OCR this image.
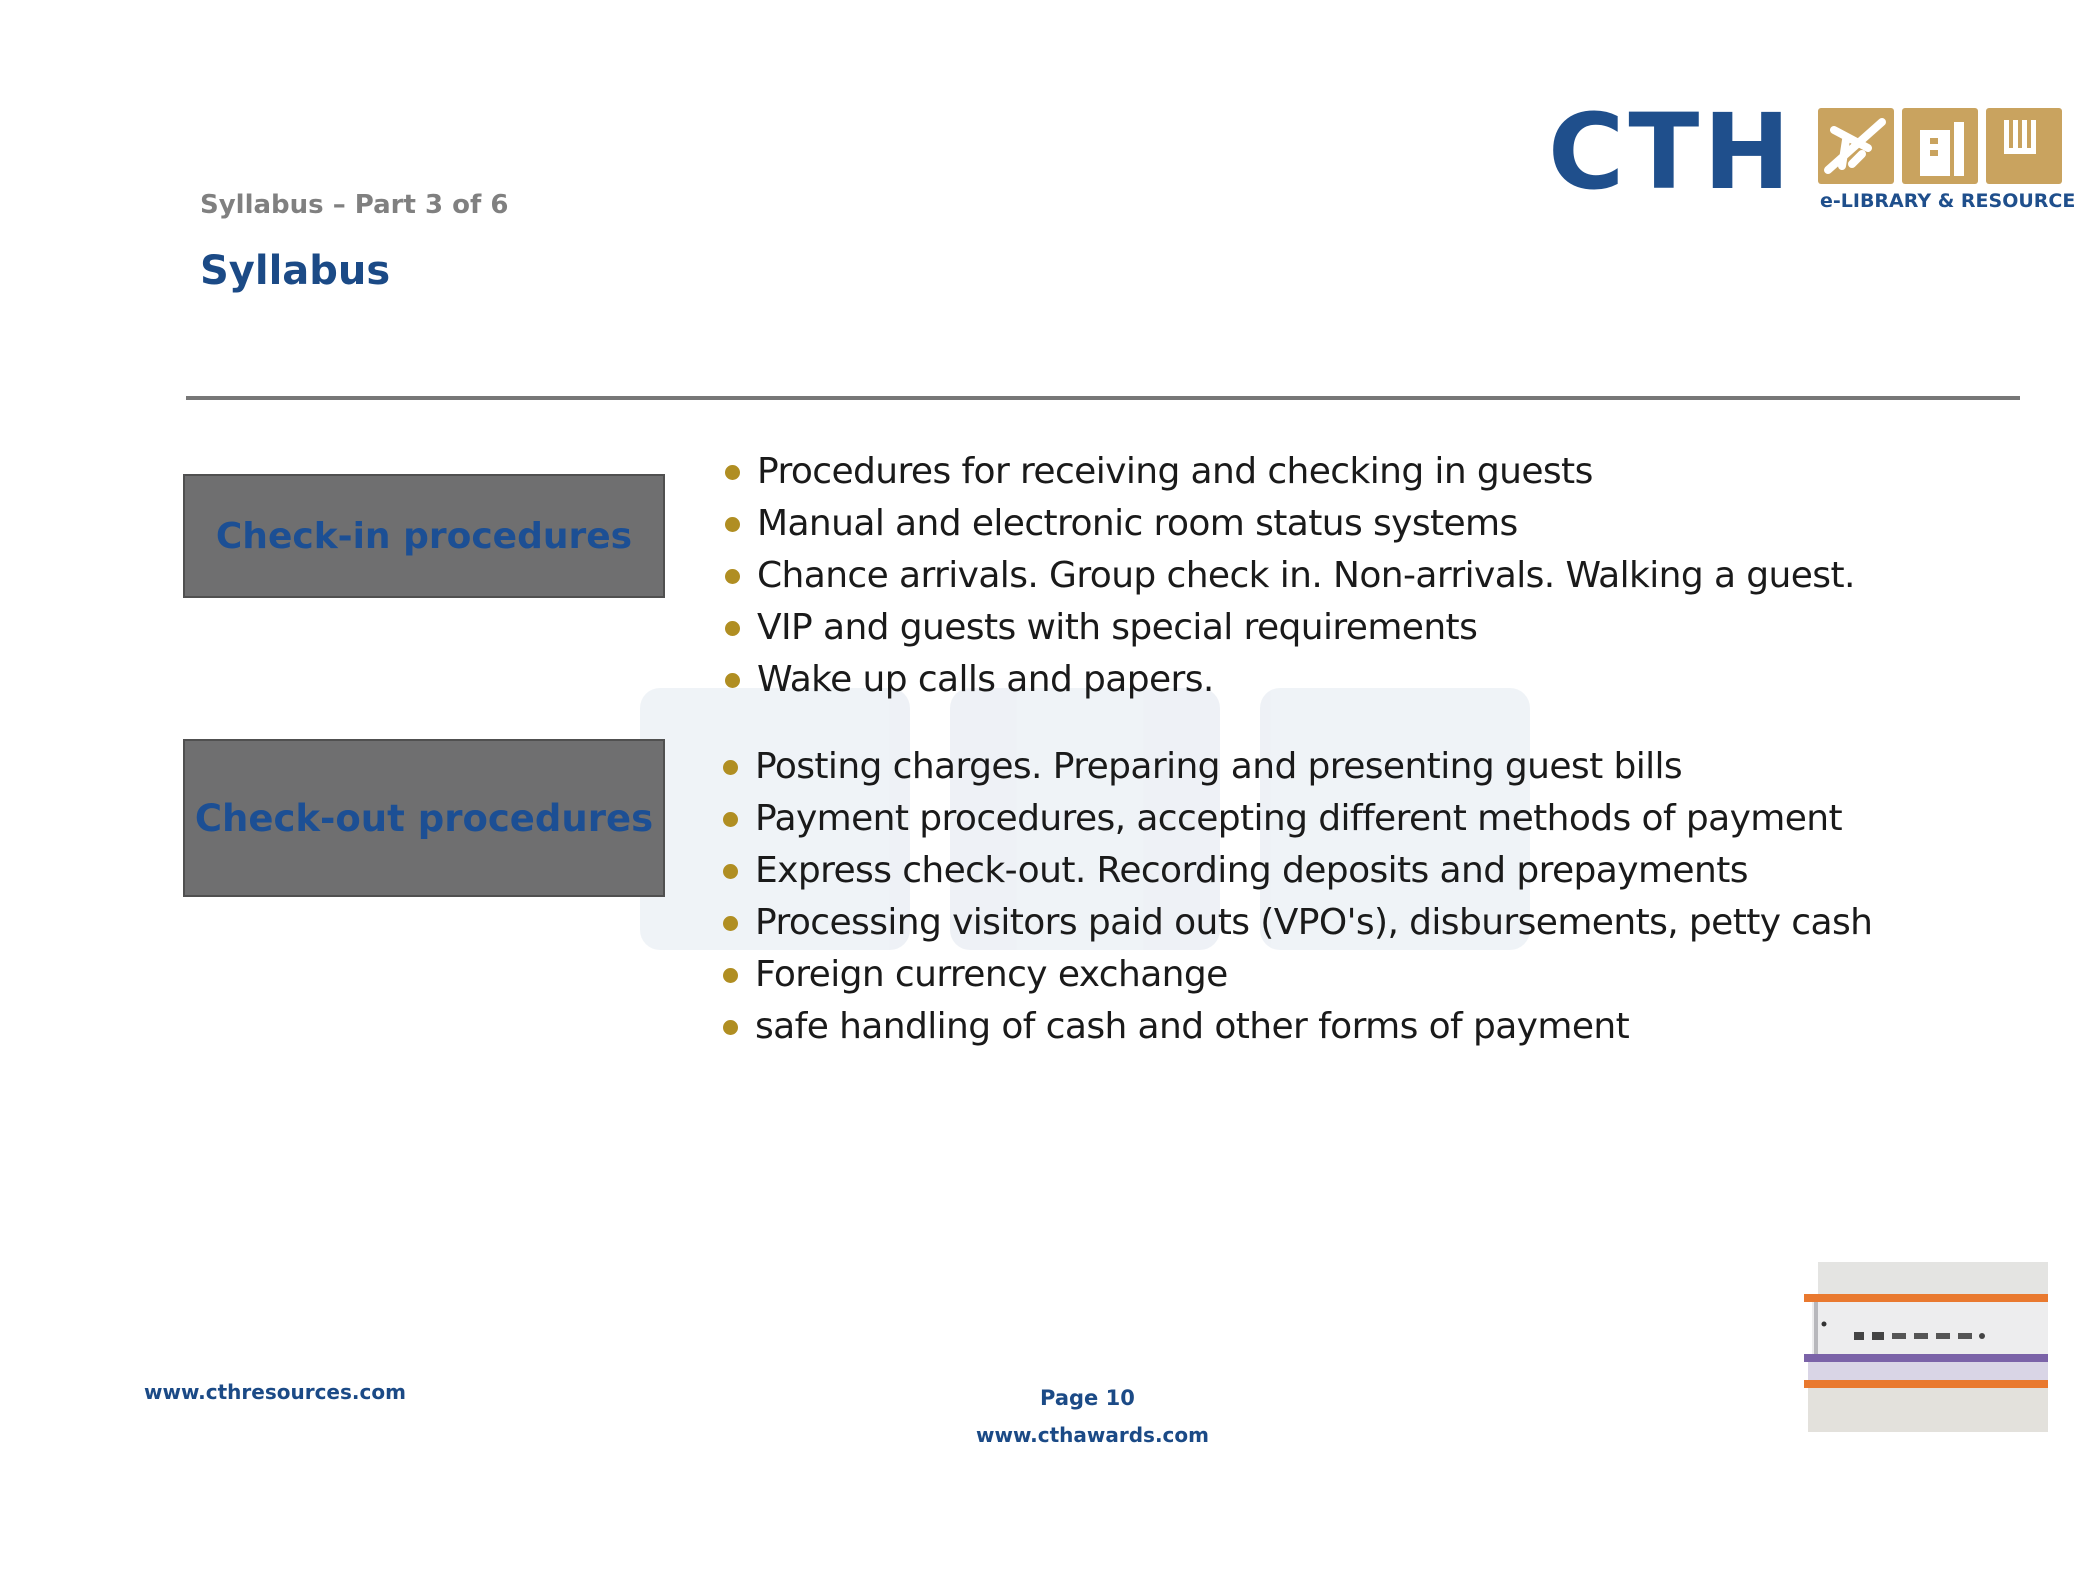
CTH e-LIBRARY & RESOURCE
Syllabus – Part 3 of 6
Syllabus
Check-in procedures
Procedures for receiving and checking in guests
Manual and electronic room status systems
Chance arrivals. Group check in. Non-arrivals. Walking a guest.
VIP and guests with special requirements
Wake up calls and papers.
Check-out procedures
Posting charges. Preparing and presenting guest bills
Payment procedures, accepting different methods of payment
Express check-out. Recording deposits and prepayments
Processing visitors paid outs (VPO's), disbursements, petty cash
Foreign currency exchange
safe handling of cash and other forms of payment
www.cthresources.com	Page 10
www.cthawards.com
